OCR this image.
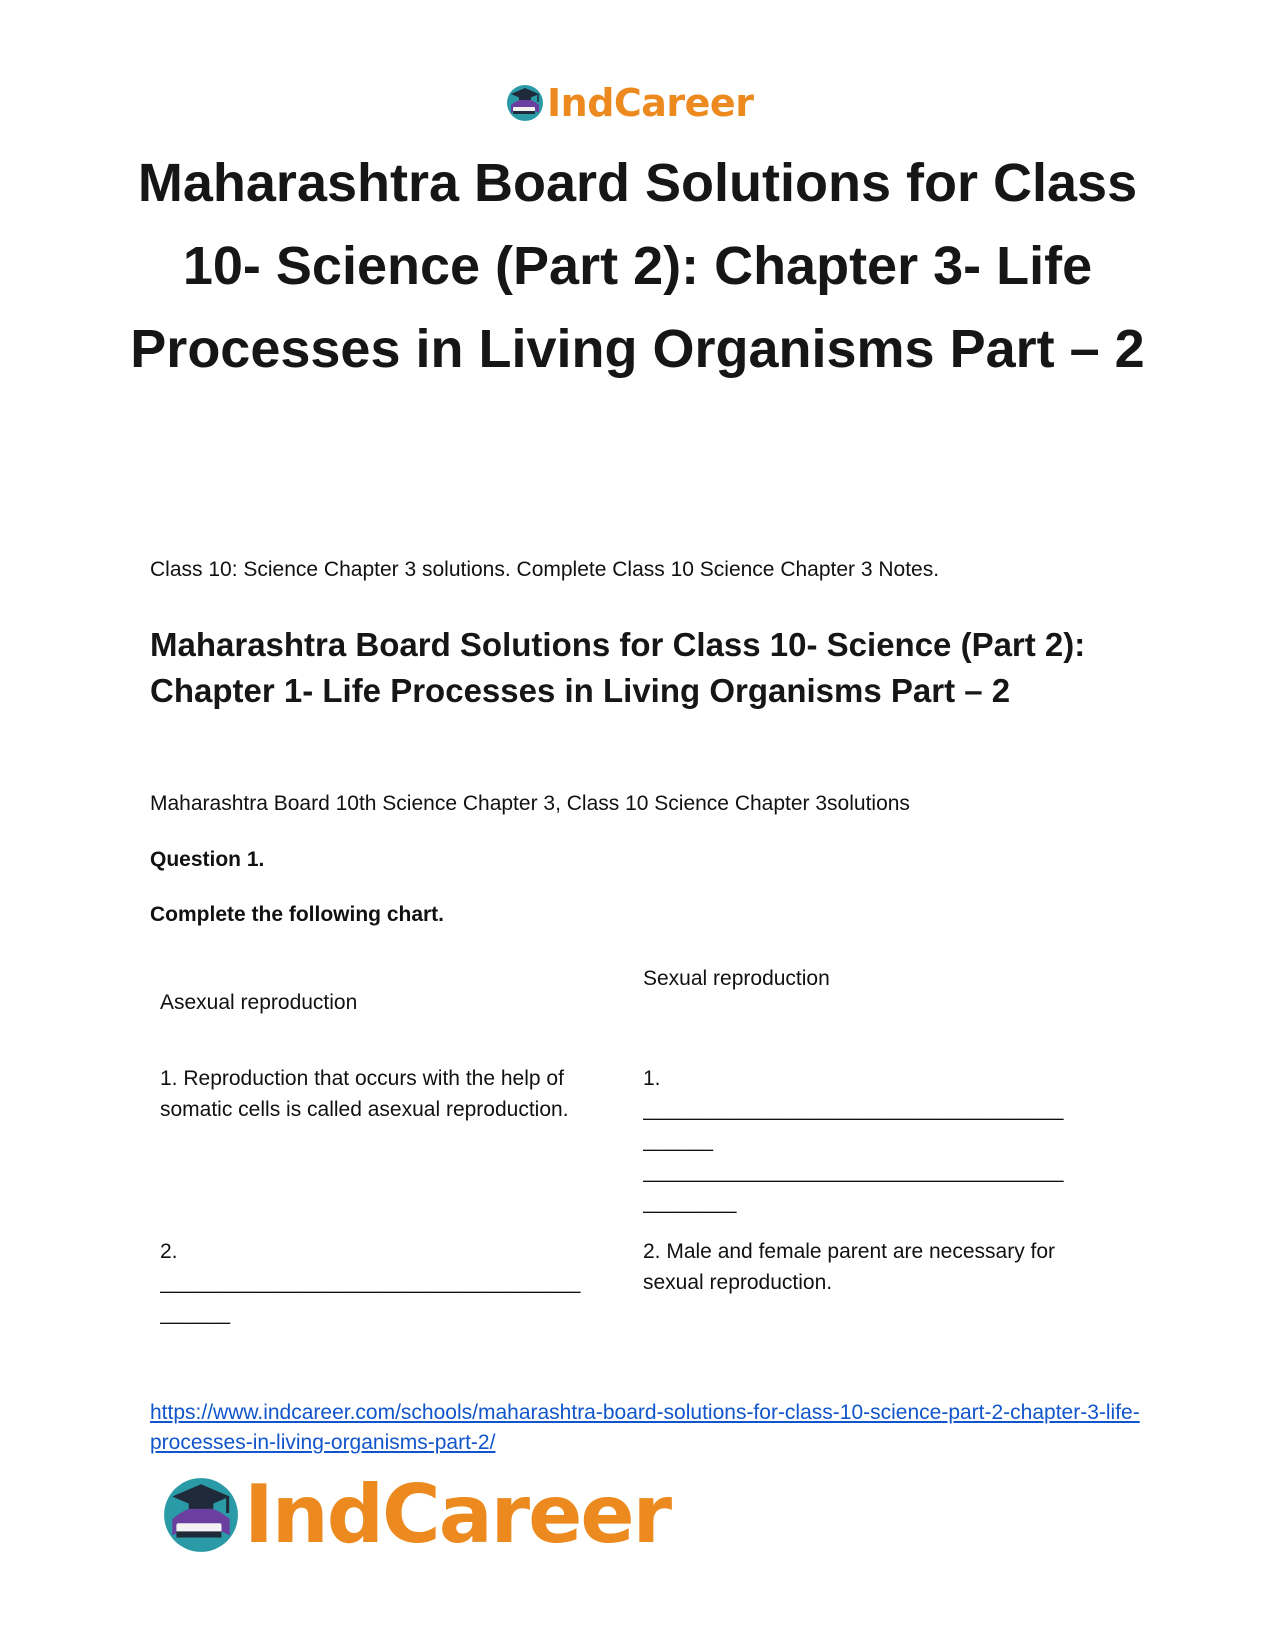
IndCareer
Maharashtra Board Solutions for Class 10- Science (Part 2): Chapter 3- Life Processes in Living Organisms Part – 2

Class 10: Science Chapter 3 solutions. Complete Class 10 Science Chapter 3 Notes.

Maharashtra Board Solutions for Class 10- Science (Part 2): Chapter 1- Life Processes in Living Organisms Part – 2

Maharashtra Board 10th Science Chapter 3, Class 10 Science Chapter 3solutions

Question 1.

Complete the following chart.

Sexual reproduction

Asexual reproduction

1. Reproduction that occurs with the help of somatic cells is called asexual reproduction.

1.
____________________________________
______
____________________________________
________
2.
____________________________________
______

2. Male and female parent are necessary for sexual reproduction.

https://www.indcareer.com/schools/maharashtra-board-solutions-for-class-10-science-part-2-chapter-3-life-processes-in-living-organisms-part-2/
IndCareer
